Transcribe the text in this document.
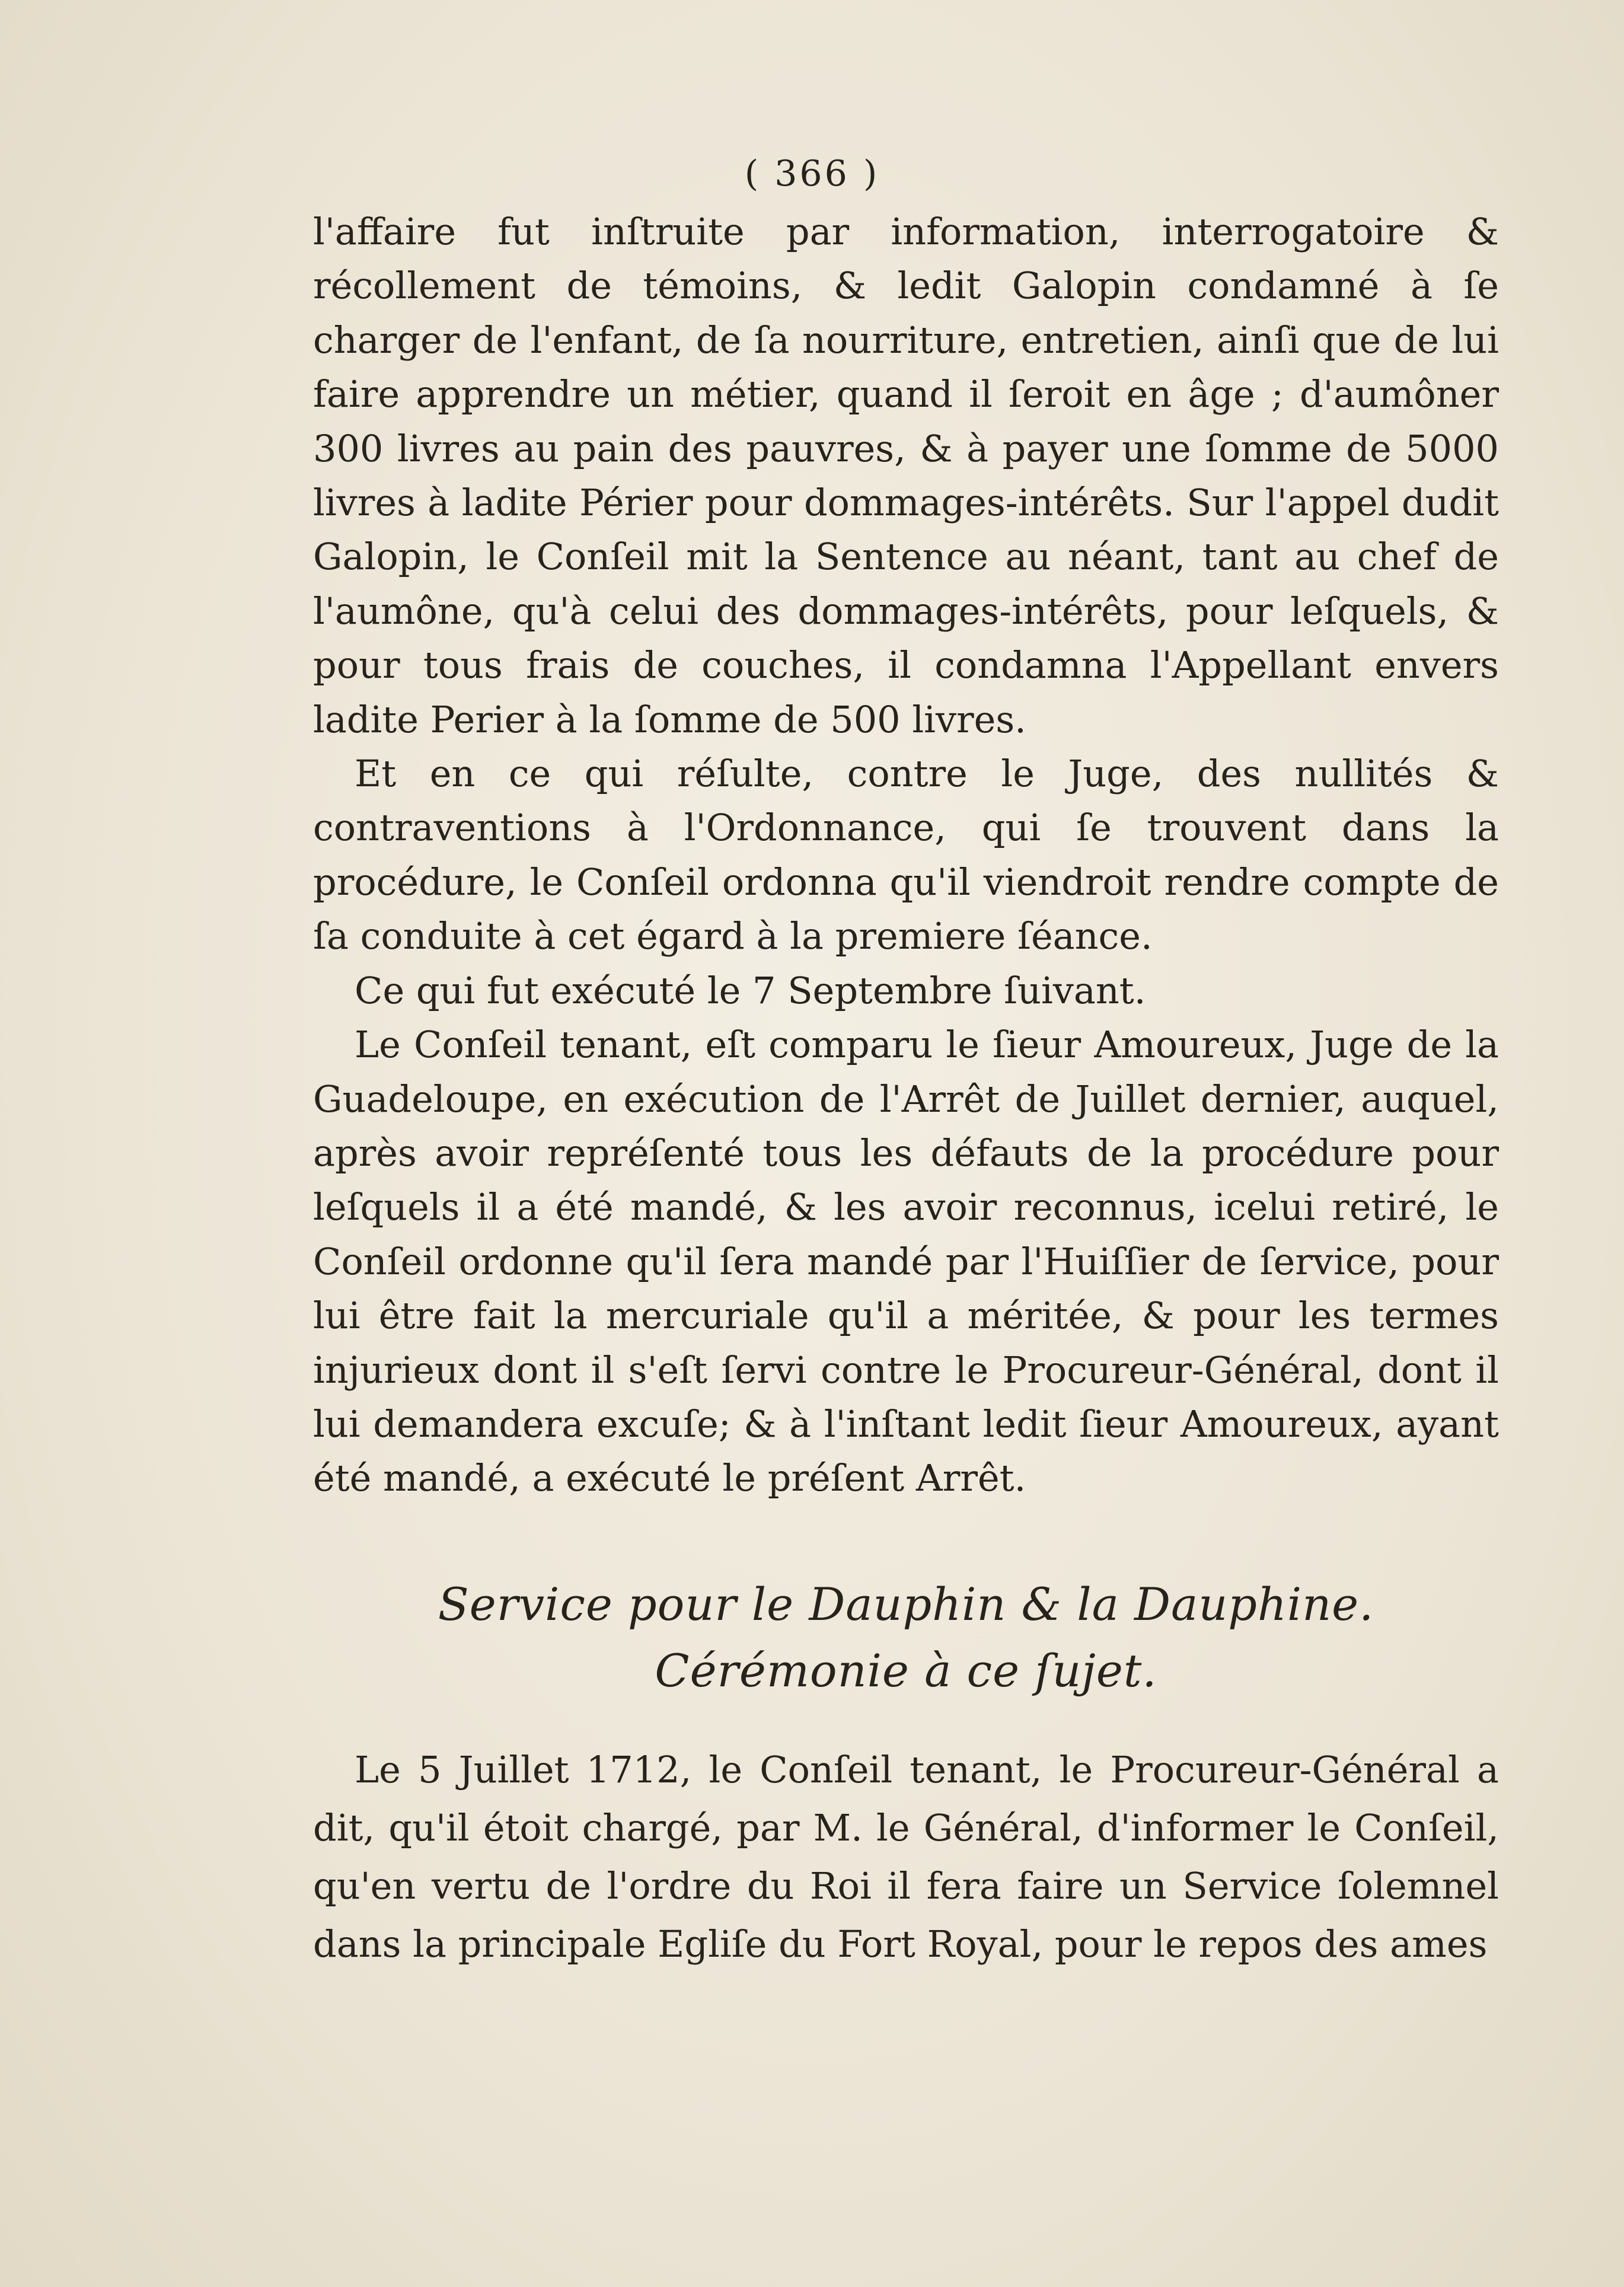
( 366 )

l'affaire fut inſtruite par information, interrogatoire & récollement de témoins, & ledit Galopin condamné à ſe charger de l'enfant, de ſa nourriture, entretien, ainſi que de lui faire apprendre un métier, quand il ſeroit en âge ; d'aumôner 300 livres au pain des pauvres, & à payer une ſomme de 5000 livres à ladite Périer pour dommages-intérêts. Sur l'appel dudit Galopin, le Conſeil mit la Sentence au néant, tant au chef de l'aumône, qu'à celui des dommages-intérêts, pour leſquels, & pour tous frais de couches, il condamna l'Appellant envers ladite Perier à la ſomme de 500 livres.

Et en ce qui réſulte, contre le Juge, des nullités & contraventions à l'Ordonnance, qui ſe trouvent dans la procédure, le Conſeil ordonna qu'il viendroit rendre compte de ſa conduite à cet égard à la premiere ſéance.

Ce qui fut exécuté le 7 Septembre ſuivant.

Le Conſeil tenant, eſt comparu le ſieur Amoureux, Juge de la Guadeloupe, en exécution de l'Arrêt de Juillet dernier, auquel, après avoir repréſenté tous les défauts de la procédure pour leſquels il a été mandé, & les avoir reconnus, icelui retiré, le Conſeil ordonne qu'il ſera mandé par l'Huiſſier de ſervice, pour lui être fait la mercuriale qu'il a méritée, & pour les termes injurieux dont il s'eſt ſervi contre le Procureur-Général, dont il lui demandera excuſe; & à l'inſtant ledit ſieur Amoureux, ayant été mandé, a exécuté le préſent Arrêt.

Service pour le Dauphin & la Dauphine. Cérémonie à ce ſujet.

Le 5 Juillet 1712, le Conſeil tenant, le Procureur-Général a dit, qu'il étoit chargé, par M. le Général, d'informer le Conſeil, qu'en vertu de l'ordre du Roi il fera faire un Service ſolemnel dans la principale Egliſe du Fort Royal, pour le repos des ames
